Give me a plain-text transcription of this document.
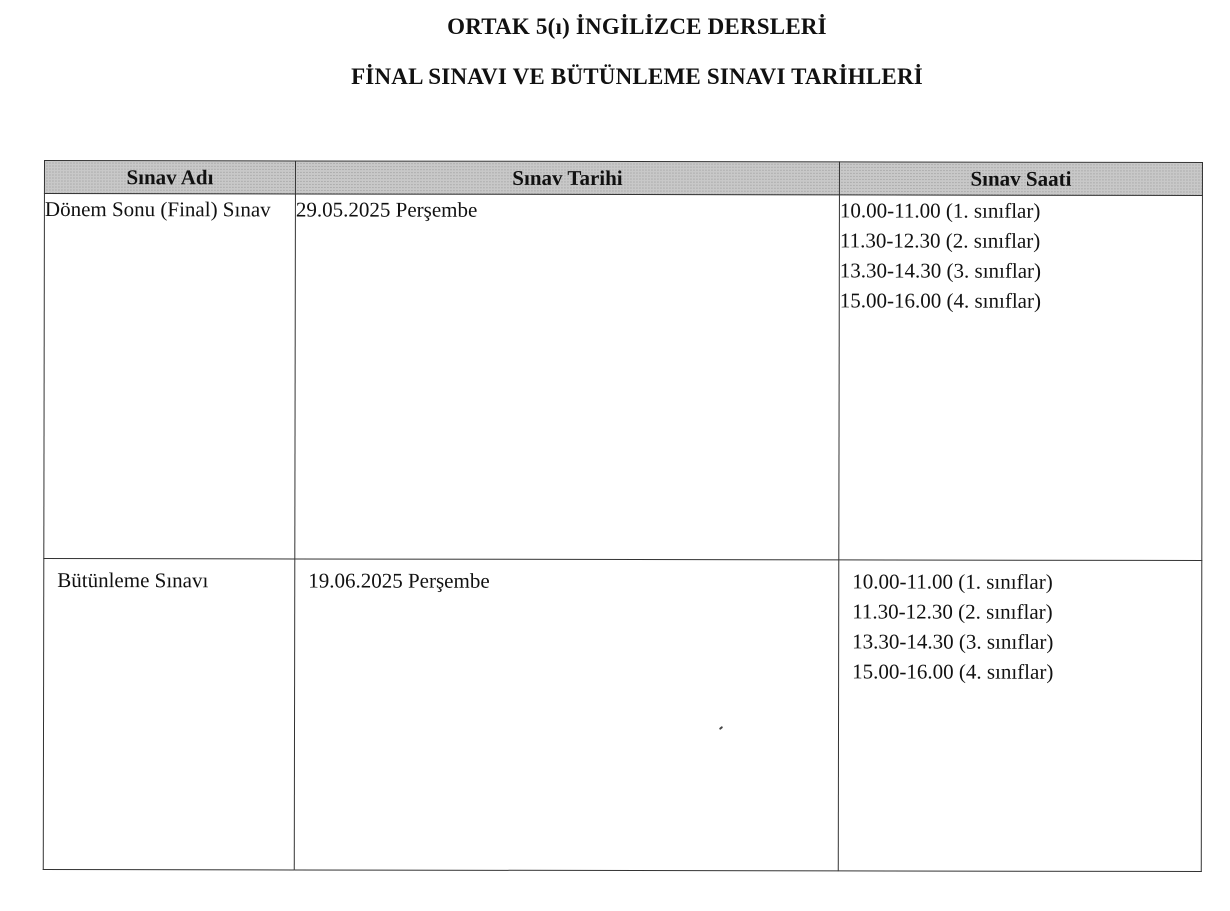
ORTAK 5(ı) İNGİLİZCE DERSLERİ
FİNAL SINAVI VE BÜTÜNLEME SINAVI TARİHLERİ
Sınav Adı	Sınav Tarihi	Sınav Saati
Dönem Sonu (Final) Sınav	29.05.2025 Perşembe	10.00-11.00 (1. sınıflar)
11.30-12.30 (2. sınıflar)
13.30-14.30 (3. sınıflar)
15.00-16.00 (4. sınıflar)

Bütünleme Sınavı	19.06.2025 Perşembe	10.00-11.00 (1. sınıflar)
11.30-12.30 (2. sınıflar)
13.30-14.30 (3. sınıflar)
15.00-16.00 (4. sınıflar)
